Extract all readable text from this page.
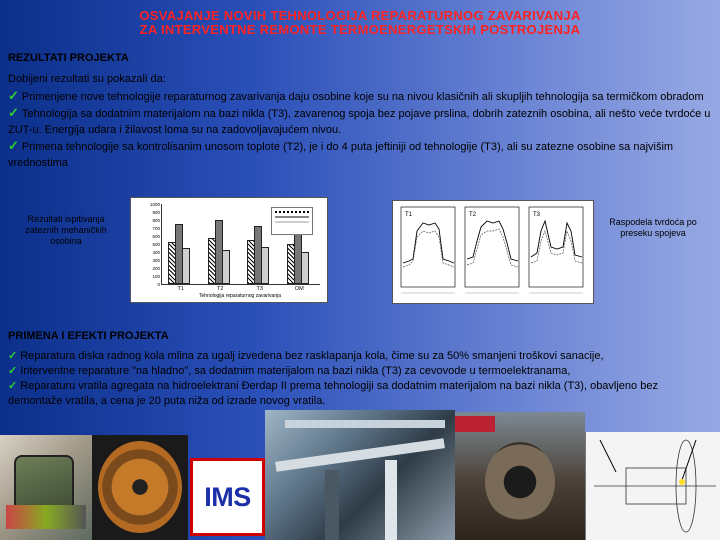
OSVAJANJE NOVIH TEHNOLOGIJA REPARATURNOG ZAVARIVANJA
ZA INTERVENTNE REMONTE TERMOENERGETSKIH POSTROJENJA
REZULTATI PROJEKTA
Dobijeni rezultati su pokazali da:
✓ Primenjene nove tehnologije reparaturnog zavarivanja daju osobine koje su na nivou klasičnih ali skupljih tehnologija sa termičkom obradom
✓ Tehnologija sa dodatnim materijalom na bazi nikla (T3), zavarenog spoja bez pojave prslina, dobrih zateznih osobina, ali nešto veće tvrdoće u ZUT-u. Energija udara i žilavost loma su na zadovoljavajućem nivou.
✓ Primena tehnologije sa kontrolisanim unosom toplote (T2), je i do 4 puta jeftiniji od tehnologije (T3), ali su zatezne osobine sa najvišim vrednostima
Rezultati ispitivanja zateznih mehaničkih osobina
Raspodela tvrdoća po preseku spojeva
1000
900
800
700
600
500
400
300
200
100
0
T1	T2	T3	OM
Tehnologija reparaturnog zavarivanja
T1	T2	T3
PRIMENA I EFEKTI PROJEKTA
✓ Reparatura diska radnog kola mlina za ugalj izvedena bez rasklapanja kola, čime su za 50% smanjeni troškovi sanacije,
✓ Interventne reparature "na hladno", sa dodatnim materijalom na bazi nikla (T3) za cevovode u termoelektranama,
✓ Reparaturu vratila agregata na hidroelektrani Đerdap II prema tehnologiji sa dodatnim materijalom na bazi nikla (T3), obavljeno bez demontaže vratila, a cena je 20 puta niža od izrade novog vratila.
IMS
